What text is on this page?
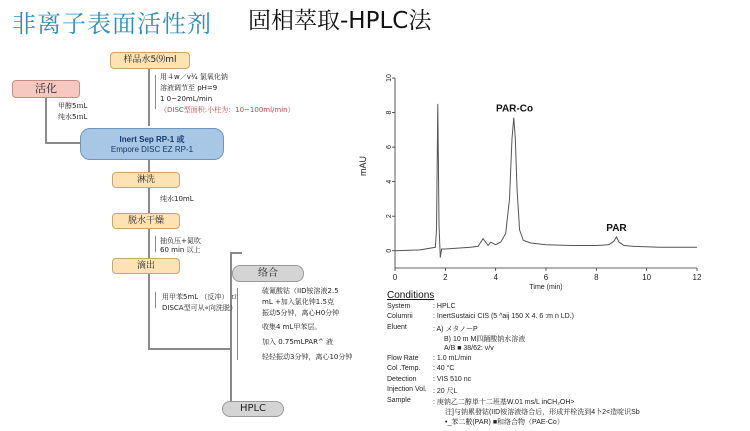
非离子表面活性剂 固相萃取-HPLC法
样品水5⑼ml
用４w／v¾ 氯氧化钠
溶液调节至 pH=9
1 0~20mL/min
（DISC型面积:小柱为：10~100ml/min）
活化
甲醇5ｍL
纯水5ｍL
Inert Sep RP-1 或
Empore DISC EZ RP-1
淋洗
纯水10mL
脱水干燥
抽负压+氮吹
60 min 以上
滴出
用甲苯5mL （反冲） ロ
DISCA型可从«向洗脱）
络合
硫氰酸钴（IID铵溶液2.5
mL +加入氯化钟1.5克
振动5分钟，离心H0分钟
收集4 mL甲苯层。
加入 0.75mLPAR^ 液
轻轻振动3分钟，离心10分钟
HPLC
mAU
Time (min)
0	2	4	6	8	10	12
0
2
4
6
8
10
PAR-Co
PAR
Conditions
System	: HPLC
Columrii	: InertSustaici CIS (5 ^aij 150 X 4. 6 :m n LD.)
Eluent	: A) メタノーP
B) 10 m M四踊酸钠水溶液
A/B ■ 38/62: v/v
Flow Rate : 1.0 mL/min
Col .Temp. : 40 °C
Detection : VIS 510 nc
Injection Vol. : 20 尺L
Sample	: 庚钠乙二醇単十二班基W.01 ms/L inCH₂OH>
注]与钠累發钴(IID铵溶液络合后，形成并栓洗到4卜2<造啶识Sb
•_苯二數(PAR) ■和络合物（PAE-Co）
